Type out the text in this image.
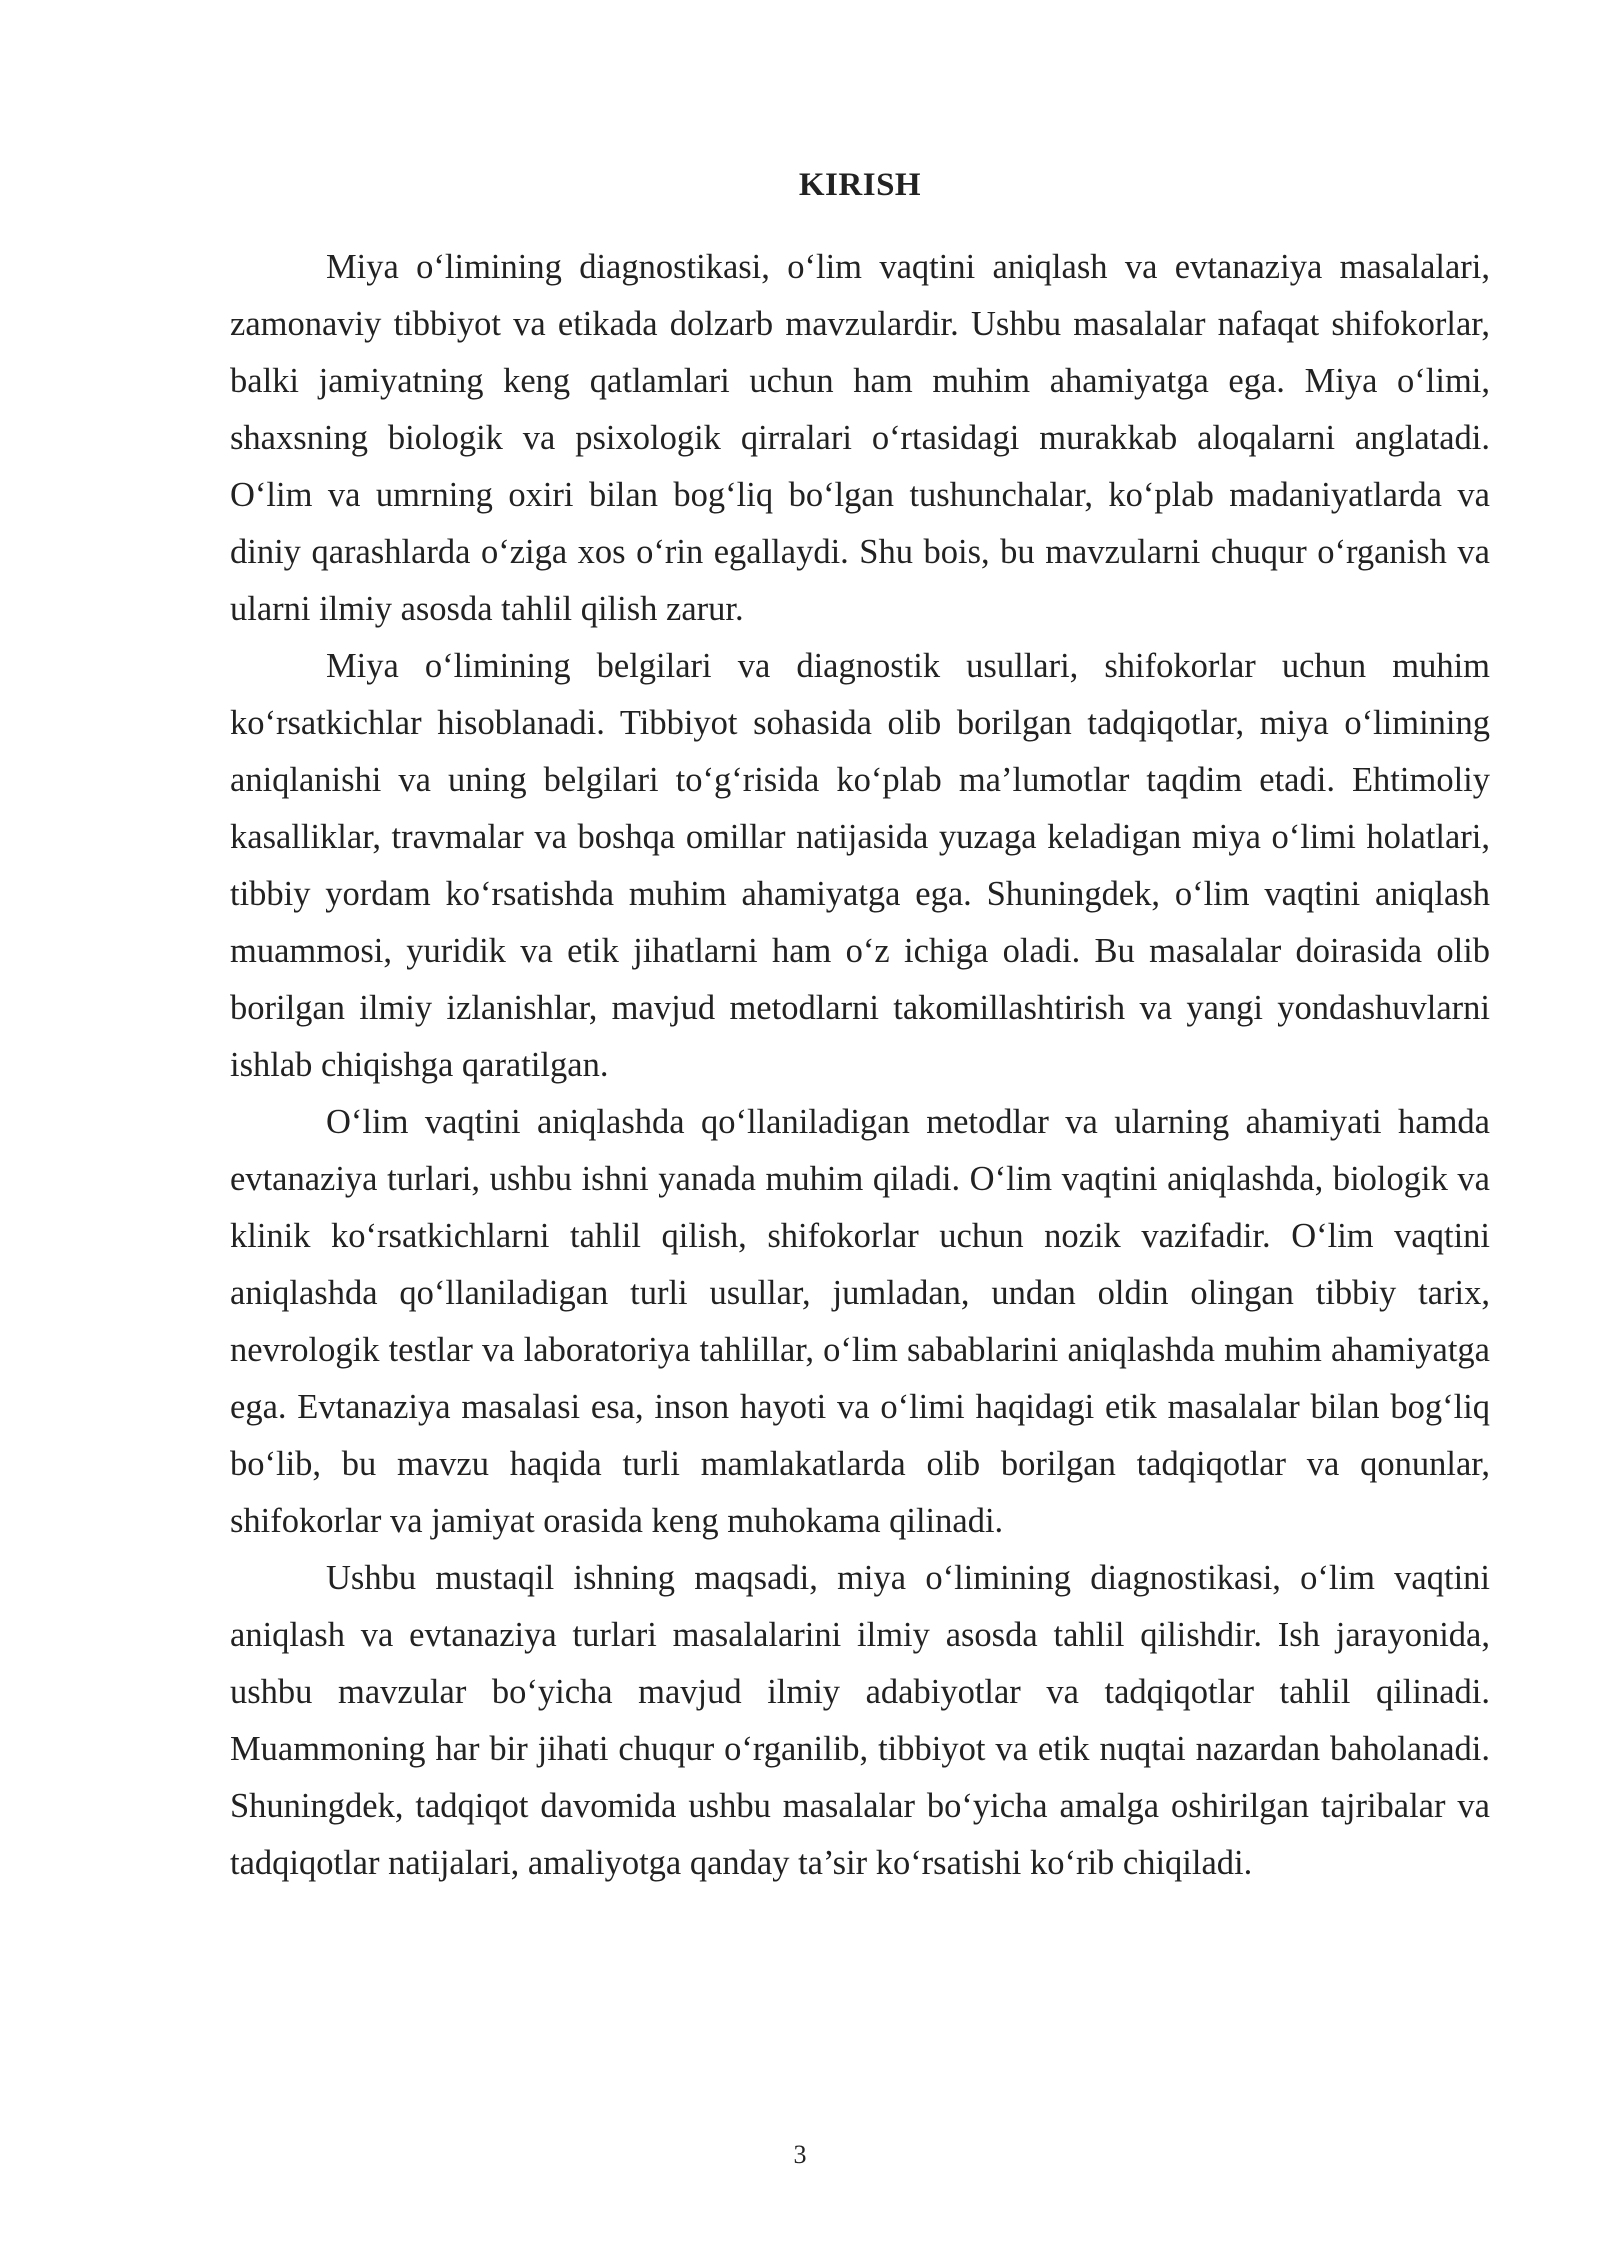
KIRISH

Miya o‘limining diagnostikasi, o‘lim vaqtini aniqlash va evtanaziya masalalari, zamonaviy tibbiyot va etikada dolzarb mavzulardir. Ushbu masalalar nafaqat shifokorlar, balki jamiyatning keng qatlamlari uchun ham muhim ahamiyatga ega. Miya o‘limi, shaxsning biologik va psixologik qirralari o‘rtasidagi murakkab aloqalarni anglatadi. O‘lim va umrning oxiri bilan bog‘liq bo‘lgan tushunchalar, ko‘plab madaniyatlarda va diniy qarashlarda o‘ziga xos o‘rin egallaydi. Shu bois, bu mavzularni chuqur o‘rganish va ularni ilmiy asosda tahlil qilish zarur.

Miya o‘limining belgilari va diagnostik usullari, shifokorlar uchun muhim ko‘rsatkichlar hisoblanadi. Tibbiyot sohasida olib borilgan tadqiqotlar, miya o‘limining aniqlanishi va uning belgilari to‘g‘risida ko‘plab ma’lumotlar taqdim etadi. Ehtimoliy kasalliklar, travmalar va boshqa omillar natijasida yuzaga keladigan miya o‘limi holatlari, tibbiy yordam ko‘rsatishda muhim ahamiyatga ega. Shuningdek, o‘lim vaqtini aniqlash muammosi, yuridik va etik jihatlarni ham o‘z ichiga oladi. Bu masalalar doirasida olib borilgan ilmiy izlanishlar, mavjud metodlarni takomillashtirish va yangi yondashuvlarni ishlab chiqishga qaratilgan.

O‘lim vaqtini aniqlashda qo‘llaniladigan metodlar va ularning ahamiyati hamda evtanaziya turlari, ushbu ishni yanada muhim qiladi. O‘lim vaqtini aniqlashda, biologik va klinik ko‘rsatkichlarni tahlil qilish, shifokorlar uchun nozik vazifadir. O‘lim vaqtini aniqlashda qo‘llaniladigan turli usullar, jumladan, undan oldin olingan tibbiy tarix, nevrologik testlar va laboratoriya tahlillar, o‘lim sabablarini aniqlashda muhim ahamiyatga ega. Evtanaziya masalasi esa, inson hayoti va o‘limi haqidagi etik masalalar bilan bog‘liq bo‘lib, bu mavzu haqida turli mamlakatlarda olib borilgan tadqiqotlar va qonunlar, shifokorlar va jamiyat orasida keng muhokama qilinadi.

Ushbu mustaqil ishning maqsadi, miya o‘limining diagnostikasi, o‘lim vaqtini aniqlash va evtanaziya turlari masalalarini ilmiy asosda tahlil qilishdir. Ish jarayonida, ushbu mavzular bo‘yicha mavjud ilmiy adabiyotlar va tadqiqotlar tahlil qilinadi. Muammoning har bir jihati chuqur o‘rganilib, tibbiyot va etik nuqtai nazardan baholanadi. Shuningdek, tadqiqot davomida ushbu masalalar bo‘yicha amalga oshirilgan tajribalar va tadqiqotlar natijalari, amaliyotga qanday ta’sir ko‘rsatishi ko‘rib chiqiladi.

3
